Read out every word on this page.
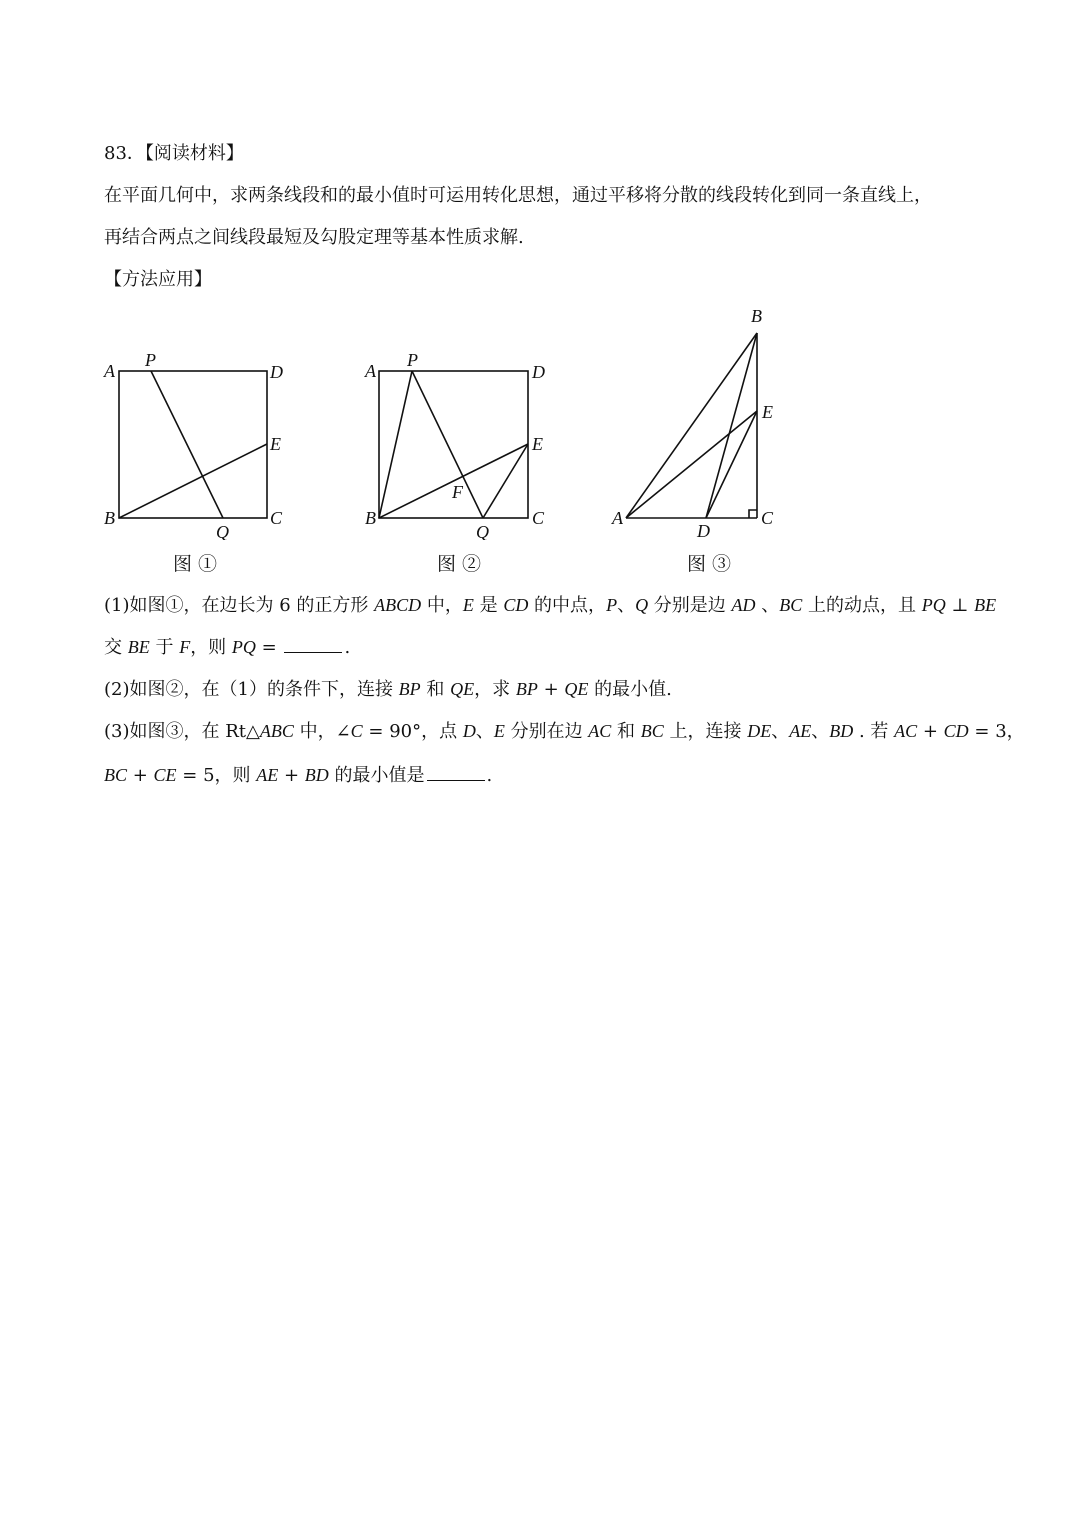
83．【阅读材料】
在平面几何中，求两条线段和的最小值时可运用转化思想，通过平移将分散的线段转化到同一条直线上，
再结合两点之间线段最短及勾股定理等基本性质求解.
【方法应用】
A
P
D
E
B
Q
C
图 ①
A
P
D
E
F
B
Q
C
图 ②
B
E
A
D
C
图 ③
(1)如图①，在边长为 6 的正方形 ABCD 中，E 是 CD 的中点，P、Q 分别是边 AD 、BC 上的动点，且 PQ ⊥ BE
交 BE 于 F，则 PQ =	.
(2)如图②，在（1）的条件下，连接 BP 和 QE，求 BP + QE 的最小值.
(3)如图③，在 Rt△ABC 中，∠C = 90°，点 D、E 分别在边 AC 和 BC 上，连接 DE、AE、BD . 若 AC + CD = 3，
BC + CE = 5，则 AE + BD 的最小值是	.
